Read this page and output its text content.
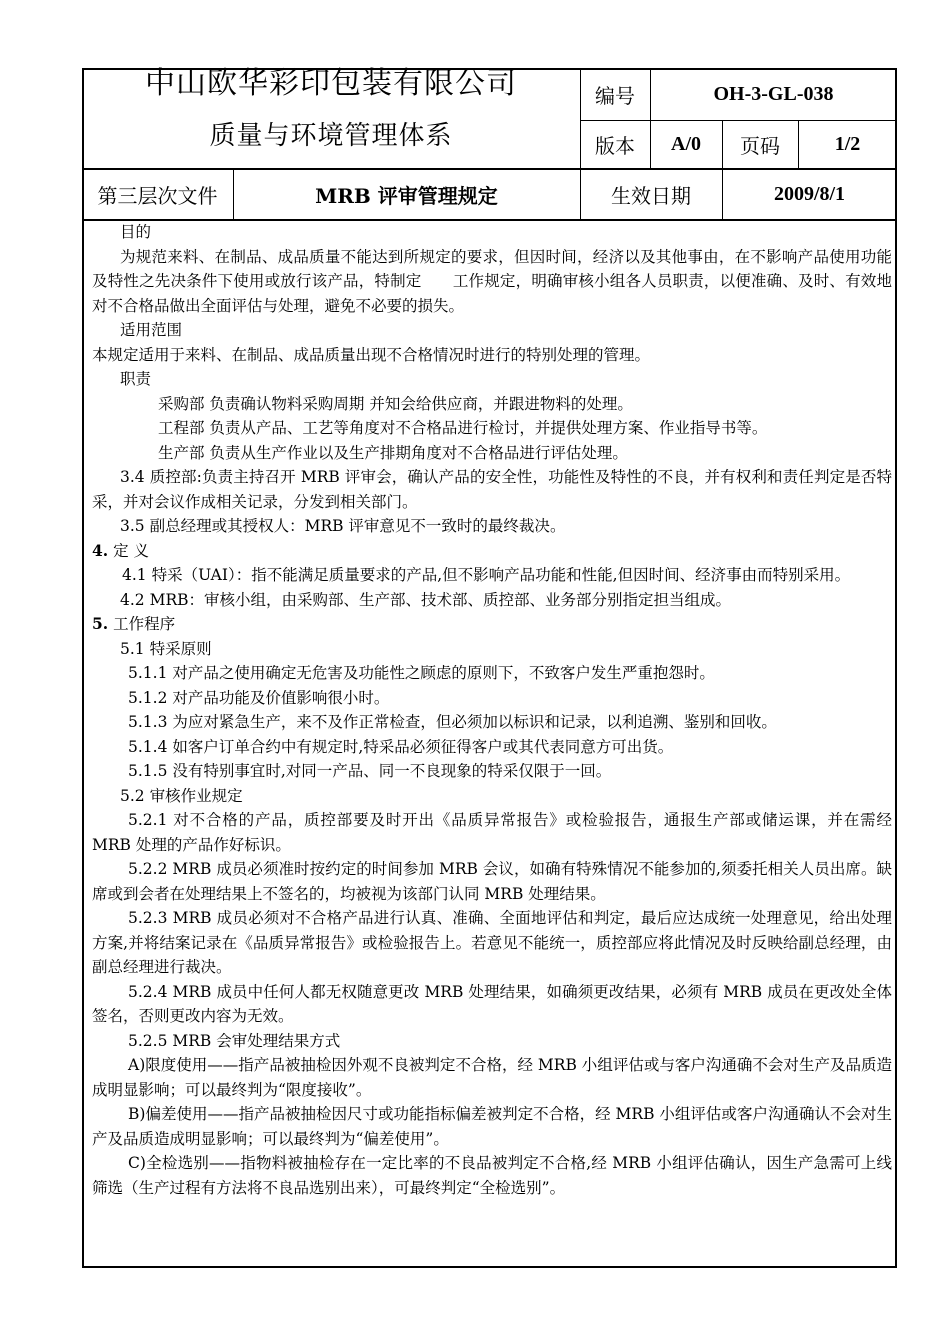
中山欧华彩印包装有限公司
质量与环境管理体系
编号	OH-3-GL-038
版本	A/0	页码	1/2
第三层次文件	MRB 评审管理规定	生效日期	2009/8/1

目的

为规范来料、在制品、成品质量不能达到所规定的要求，但因时间，经济以及其他事由，在不影响产品使用功能及特性之先决条件下使用或放行该产品，特制定　　工作规定，明确审核小组各人员职责，以便准确、及时、有效地对不合格品做出全面评估与处理，避免不必要的损失。

适用范围

本规定适用于来料、在制品、成品质量出现不合格情况时进行的特别处理的管理。

职责

采购部 负责确认物料采购周期 并知会给供应商，并跟进物料的处理。

工程部 负责从产品、工艺等角度对不合格品进行检讨，并提供处理方案、作业指导书等。

生产部 负责从生产作业以及生产排期角度对不合格品进行评估处理。

3.4 质控部:负责主持召开 MRB 评审会，确认产品的安全性，功能性及特性的不良，并有权利和责任判定是否特采，并对会议作成相关记录，分发到相关部门。

3.5 副总经理或其授权人：MRB 评审意见不一致时的最终裁决。

4. 定 义

4.1 特采（UAI）：指不能满足质量要求的产品,但不影响产品功能和性能,但因时间、经济事由而特别采用。

4.2 MRB：审核小组，由采购部、生产部、技术部、质控部、业务部分别指定担当组成。

5. 工作程序

5.1 特采原则

5.1.1 对产品之使用确定无危害及功能性之顾虑的原则下，不致客户发生严重抱怨时。

5.1.2 对产品功能及价值影响很小时。

5.1.3 为应对紧急生产，来不及作正常检查，但必须加以标识和记录，以利追溯、鉴别和回收。

5.1.4 如客户订单合约中有规定时,特采品必须征得客户或其代表同意方可出货。

5.1.5 没有特别事宜时,对同一产品、同一不良现象的特采仅限于一回。

5.2 审核作业规定

5.2.1 对不合格的产品，质控部要及时开出《品质异常报告》或检验报告，通报生产部或储运课，并在需经 MRB 处理的产品作好标识。

5.2.2 MRB 成员必须准时按约定的时间参加 MRB 会议，如确有特殊情况不能参加的,须委托相关人员出席。缺席或到会者在处理结果上不签名的，均被视为该部门认同 MRB 处理结果。

5.2.3 MRB 成员必须对不合格产品进行认真、准确、全面地评估和判定，最后应达成统一处理意见，给出处理方案,并将结案记录在《品质异常报告》或检验报告上。若意见不能统一，质控部应将此情况及时反映给副总经理，由副总经理进行裁决。

5.2.4 MRB 成员中任何人都无权随意更改 MRB 处理结果，如确须更改结果，必须有 MRB 成员在更改处全体签名，否则更改内容为无效。

5.2.5 MRB 会审处理结果方式

A)限度使用——指产品被抽检因外观不良被判定不合格，经 MRB 小组评估或与客户沟通确不会对生产及品质造成明显影响；可以最终判为“限度接收”。

B)偏差使用——指产品被抽检因尺寸或功能指标偏差被判定不合格，经 MRB 小组评估或客户沟通确认不会对生产及品质造成明显影响；可以最终判为“偏差使用”。

C)全检选别——指物料被抽检存在一定比率的不良品被判定不合格,经 MRB 小组评估确认，因生产急需可上线筛选（生产过程有方法将不良品选别出来），可最终判定“全检选别”。
